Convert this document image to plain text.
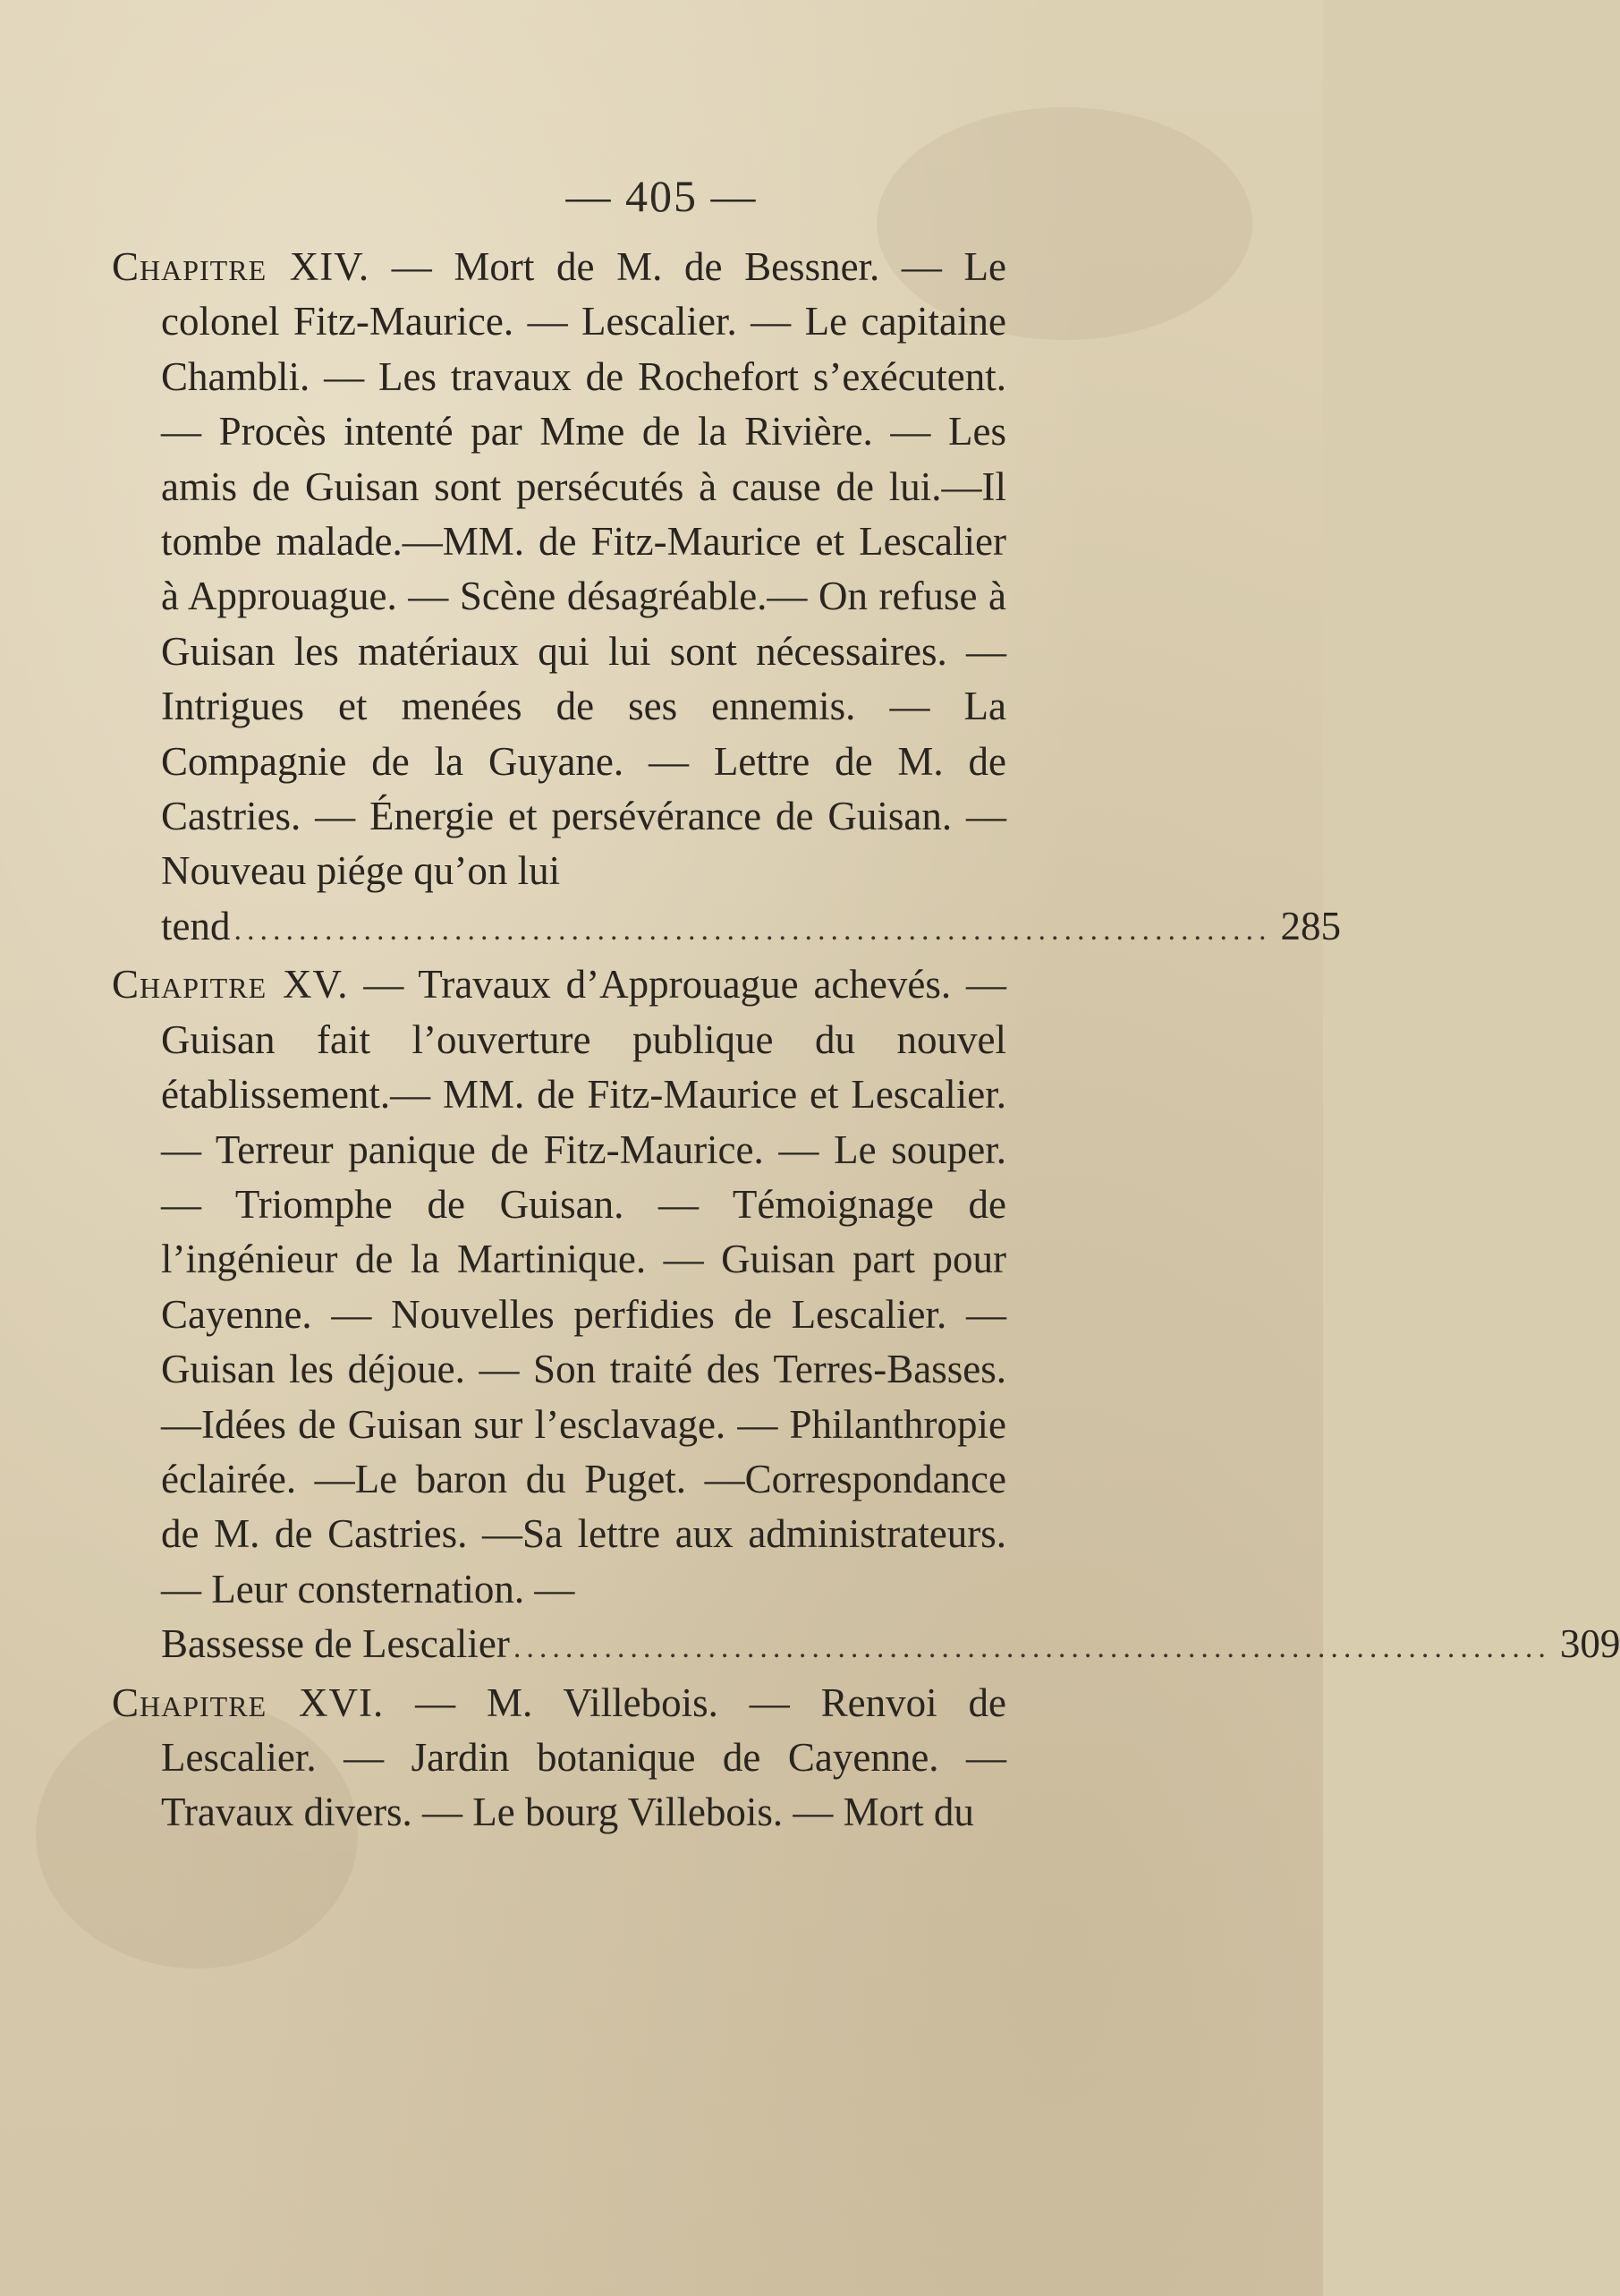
— 405 —

Chapitre XIV. — Mort de M. de Bessner. — Le colonel Fitz-Maurice. — Lescalier. — Le capitaine Chambli. — Les travaux de Rochefort s’exécutent. — Procès intenté par Mme de la Rivière. — Les amis de Guisan sont persécutés à cause de lui.—Il tombe malade.—MM. de Fitz-Maurice et Lescalier à Approuague. — Scène désagréable.— On refuse à Guisan les matériaux qui lui sont nécessaires. — Intrigues et menées de ses ennemis. — La Compagnie de la Guyane. — Lettre de M. de Castries. — Énergie et persévérance de Guisan. — Nouveau piége qu’on lui
tend ................................................................................ 285

Chapitre XV. — Travaux d’Approuague achevés. — Guisan fait l’ouverture publique du nouvel établissement.— MM. de Fitz-Maurice et Lescalier. — Terreur panique de Fitz-Maurice. — Le souper. — Triomphe de Guisan. — Témoignage de l’ingénieur de la Martinique. — Guisan part pour Cayenne. — Nouvelles perfidies de Lescalier. — Guisan les déjoue. — Son traité des Terres-Basses.—Idées de Guisan sur l’esclavage. — Philanthropie éclairée. —Le baron du Puget. —Correspondance de M. de Castries. —Sa lettre aux administrateurs. — Leur consternation. —
Bassesse de Lescalier ................................................................................ 309

Chapitre XVI. — M. Villebois. — Renvoi de Lescalier. — Jardin botanique de Cayenne. — Travaux divers. — Le bourg Villebois. — Mort du
